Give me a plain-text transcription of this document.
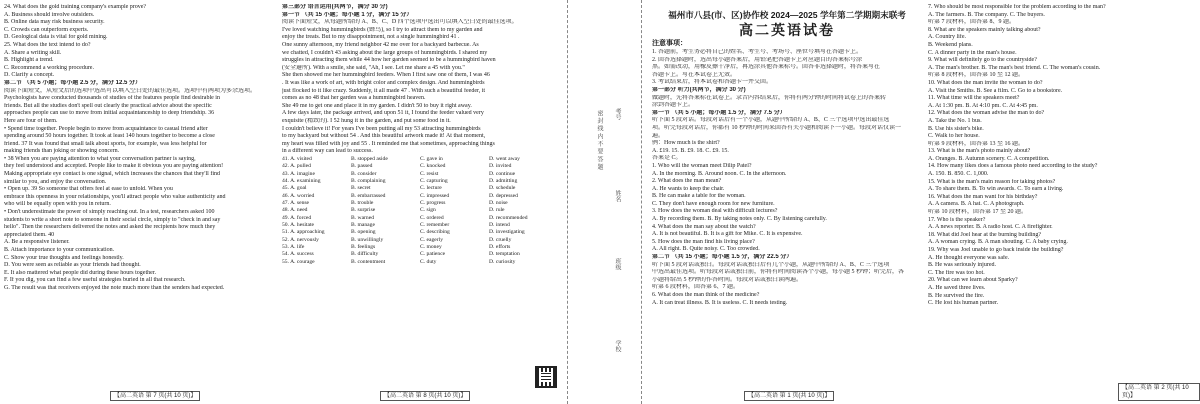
24. What does the gold training company's example prove?
A. Business should involve outsiders.
B. Online data may risk business security.
C. Crowds can outperform experts.
D. Geological data is vital for gold mining.
25. What does the text intend to do?
A. Share a writing skill.
B. Highlight a trend.
C. Recommend a working procedure.
D. Clarify a concept.
第二节 （共 5 小题；每小题 2.5 分，满分 12.5 分）
阅读下面短文，从短文后的选项中选出可以填入空白处的最佳选项。选项中有两项为多余选项。
Psychologists have conducted thousands of studies of the features people find desirable in
friends. But all the studies don't spell out clearly the practical advice about the specific
approaches people can use to move from initial acquaintanceship to deep friendship. 36
Here are four of them.
• Spend time together. People begin to move from acquaintance to casual friend after
spending around 50 hours together. It took at least 140 hours together to become a close
friend. 37 It was found that small talk about sports, for example, was less helpful for
making friends than joking or showing concern.
• 38 When you are paying attention to what your conversation partner is saying,
they feel understood and accepted. People like to make it obvious you are paying attention!
Making appropriate eye contact is one signal, which increases the chances that they'll find
similar to you, and enjoy the conversation.
• Open up. 39 So someone that offers feel at ease to unfold. When you
embrace this openness in your relationships, you'll attract people who value authenticity and
who will be equally open with you in return.
• Don't underestimate the power of simply reaching out. In a test, researchers asked 100
students to write a short note to someone in their social circle, simply to "check in and say
hello". Then the researchers delivered the notes and asked the recipients how much they
appreciated them. 40
A. Be a responsive listener.
B. Attach importance to your communication.
C. Show your true thoughts and feelings honestly.
D. You were seen as reliable as your friends had thought.
E. It also mattered what people did during these hours together.
F. If you dig, you can find a few useful strategies buried in all that research.
G. The result was that receivers enjoyed the note much more than the senders had expected.
【高二英语 第 7 页(共 10 页)】
第三部分 语言运用(共两节，满分 30 分)
第一节 （共 15 小题；每小题 1 分，满分 15 分）
阅读下面短文，从每题所给的 A、B、C、D 四个选项中选出可以填入空白处的最佳选项。
I've loved watching hummingbirds (蜂鸟), so I try to attract them to my garden and
enjoy the treats. But to my disappointment, not a single hummingbird 41 .
One sunny afternoon, my friend neighbor 42 me over for a backyard barbecue. As
we chatted, I couldn't 43 asking about the large groups of hummingbirds. I shared my
struggles in attracting them while 44 how her garden seemed to be a hummingbird haven
(安全避所). With a smile, she said, "Ah, I see. Let me share a 45 with you."
She then showed me her hummingbird feeders. When I first saw one of them, I was 46
. It was like a work of art, with bright color and complex design. And hummingbirds
just flocked to it like crazy. Suddenly, it all made 47 . With such a beautiful feeder, it
comes as no 48 that her garden was a hummingbird heaven.
She 49 me to get one and place it in my garden. I didn't 50 to buy it right away.
A few days later, the package arrived, and upon 51 it, I found the feeder valued very
exquisite (精致的). I 52 hung it in the garden, and put some food in it.
I couldn't believe it! For years I've been putting all my 53 attracting hummingbirds
to my backyard but without 54 . And this beautiful artwork made it! At that moment,
my heart was filled with joy and 55 . It reminded me that sometimes, approaching things
in a different way can lead to success.
41. A. visited	B. stopped aside	C. gave in	D. went away
42. A. pulled	B. passed	C. knocked	D. invited
43. A. imagine	B. consider	C. resist	D. continue
44. A. examining	B. complaining	C. capturing	D. admitting
45. A. goal	B. secret	C. lecture	D. schedule
46. A. worried	B. embarrassed	C. impressed	D. depressed
47. A. sense	B. trouble	C. progress	D. noise
48. A. need	B. surprise	C. sign	D. rule
49. A. forced	B. warned	C. ordered	D. recommended
50. A. hesitate	B. manage	C. remember	D. intend
51. A. approaching	B. opening	C. describing	D. investigating
52. A. nervously	B. unwillingly	C. eagerly	D. cruelly
53. A. life	B. feelings	C. money	D. efforts
54. A. success	B. difficulty	C. patience	D. temptation
55. A. courage	B. contentment	C. duty	D. curiosity
【高二英语 第 8 页(共 10 页)】
密 封 线 内 不 要 答 题	考号
姓名
班级
学校
福州市八县(市、区)协作校 2024—2025 学年第二学期期末联考
高二英语试卷
注意事项：
1. 答题前，考生务必将自己的姓名、考生号、考场号、座位号填写在答题卡上。
2. 回答选择题时，选出每小题答案后，用铅笔把答题卡上对应题目的答案标号涂
黑。如需改动，用橡皮擦干净后，再选涂其他答案标号。回答非选择题时，将答案写在
答题卡上。写在本试卷上无效。
3. 考试结束后，将本试卷和答题卡一并交回。
第一部分 听力(共两节，满分 30 分)
做题时，先将答案标在试卷上。录音内容结束后，你将有两分钟的时间将试卷上的答案转
涂到答题卡上。
第一节 （共 5 小题；每小题 1.5 分，满分 7.5 分）
听下面 5 段对话。每段对话后有一个小题，从题中所给的 A、B、C 三个选项中选出最佳选
项。听完每段对话后，你都有 10 秒钟的时间来回答有关小题和阅读下一小题。每段对话仅读一
遍。
例：How much is the shirt?
A. £19. 15. B. £9. 18. C. £9. 15.
答案是 C。
1. Who will the woman meet Dilip Patel?
A. In the morning. B. Around noon. C. In the afternoon.
2. What does the man mean?
A. He wants to keep the chair.
B. He can make a table for the woman.
C. They don't have enough room for new furniture.
3. How does the woman deal with difficult lectures?
A. By recording them. B. By taking notes only. C. By listening carefully.
4. What does the man say about the watch?
A. It is not beautiful. B. It is a gift for Mike. C. It is expensive.
5. How does the man find his living place?
A. All right. B. Quite noisy. C. Too crowded.
第二节 （共 15 小题；每小题 1.5 分，满分 22.5 分）
听下面 5 段对话或独白。每段对话或独白后有几个小题，从题中所给的 A、B、C 三个选项
中选出最佳选项。听每段对话或独白前，你将有时间阅读各个小题，每小题 5 秒钟；听完后，各
小题将给出 5 秒钟的作答时间。每段对话或独白读两遍。
听第 6 段材料，回答第 6、7 题。
6. What does the man think of the medicine?
A. It can treat illness. B. It is useless. C. It needs testing.
【高二英语 第 1 页(共 10 页)】
7. Who should be most responsible for the problem according to the man?
A. The farmers. B. The company. C. The buyers.
听第 7 段材料，回答第 8、9 题。
8. What are the speakers mainly talking about?
A. Country life.
B. Weekend plans.
C. A dinner party in the man's house.
9. What will definitely go to the countryside?
A. The man's brother. B. The man's best friend. C. The woman's cousin.
听第 8 段材料，回答第 10 至 12 题。
10. What does the man invite the woman to do?
A. Visit the Smiths. B. See a film. C. Go to a bookstore.
11. What time will the speakers meet?
A. At 1:30 pm. B. At 4:10 pm. C. At 4:45 pm.
12. What does the woman advise the man to do?
A. Take the No. 1 bus.
B. Use his sister's bike.
C. Walk to her house.
听第 9 段材料，回答第 13 至 16 题。
13. What is the man's photo mainly about?
A. Oranges. B. Autumn scenery. C. A competition.
14. How many likes does a famous photo need according to the study?
A. 150. B. 850. C. 1,000.
15. What is the man's main reason for taking photos?
A. To share them. B. To win awards. C. To earn a living.
16. What does the man want for his birthday?
A. A camera. B. A hat. C. A photograph.
听第 10 段材料，回答第 17 至 20 题。
17. Who is the speaker?
A. A news reporter. B. A radio host. C. A firefighter.
18. What did Joel hear at the burning building?
A. A woman crying. B. A man shouting. C. A baby crying.
19. Why was Joel unable to go back inside the building?
A. He thought everyone was safe.
B. He was seriously injured.
C. The fire was too hot.
20. What can we learn about Sparky?
A. He saved three lives.
B. He survived the fire.
C. He lost his human partner.
【高二英语 第 2 页(共 10 页)】
